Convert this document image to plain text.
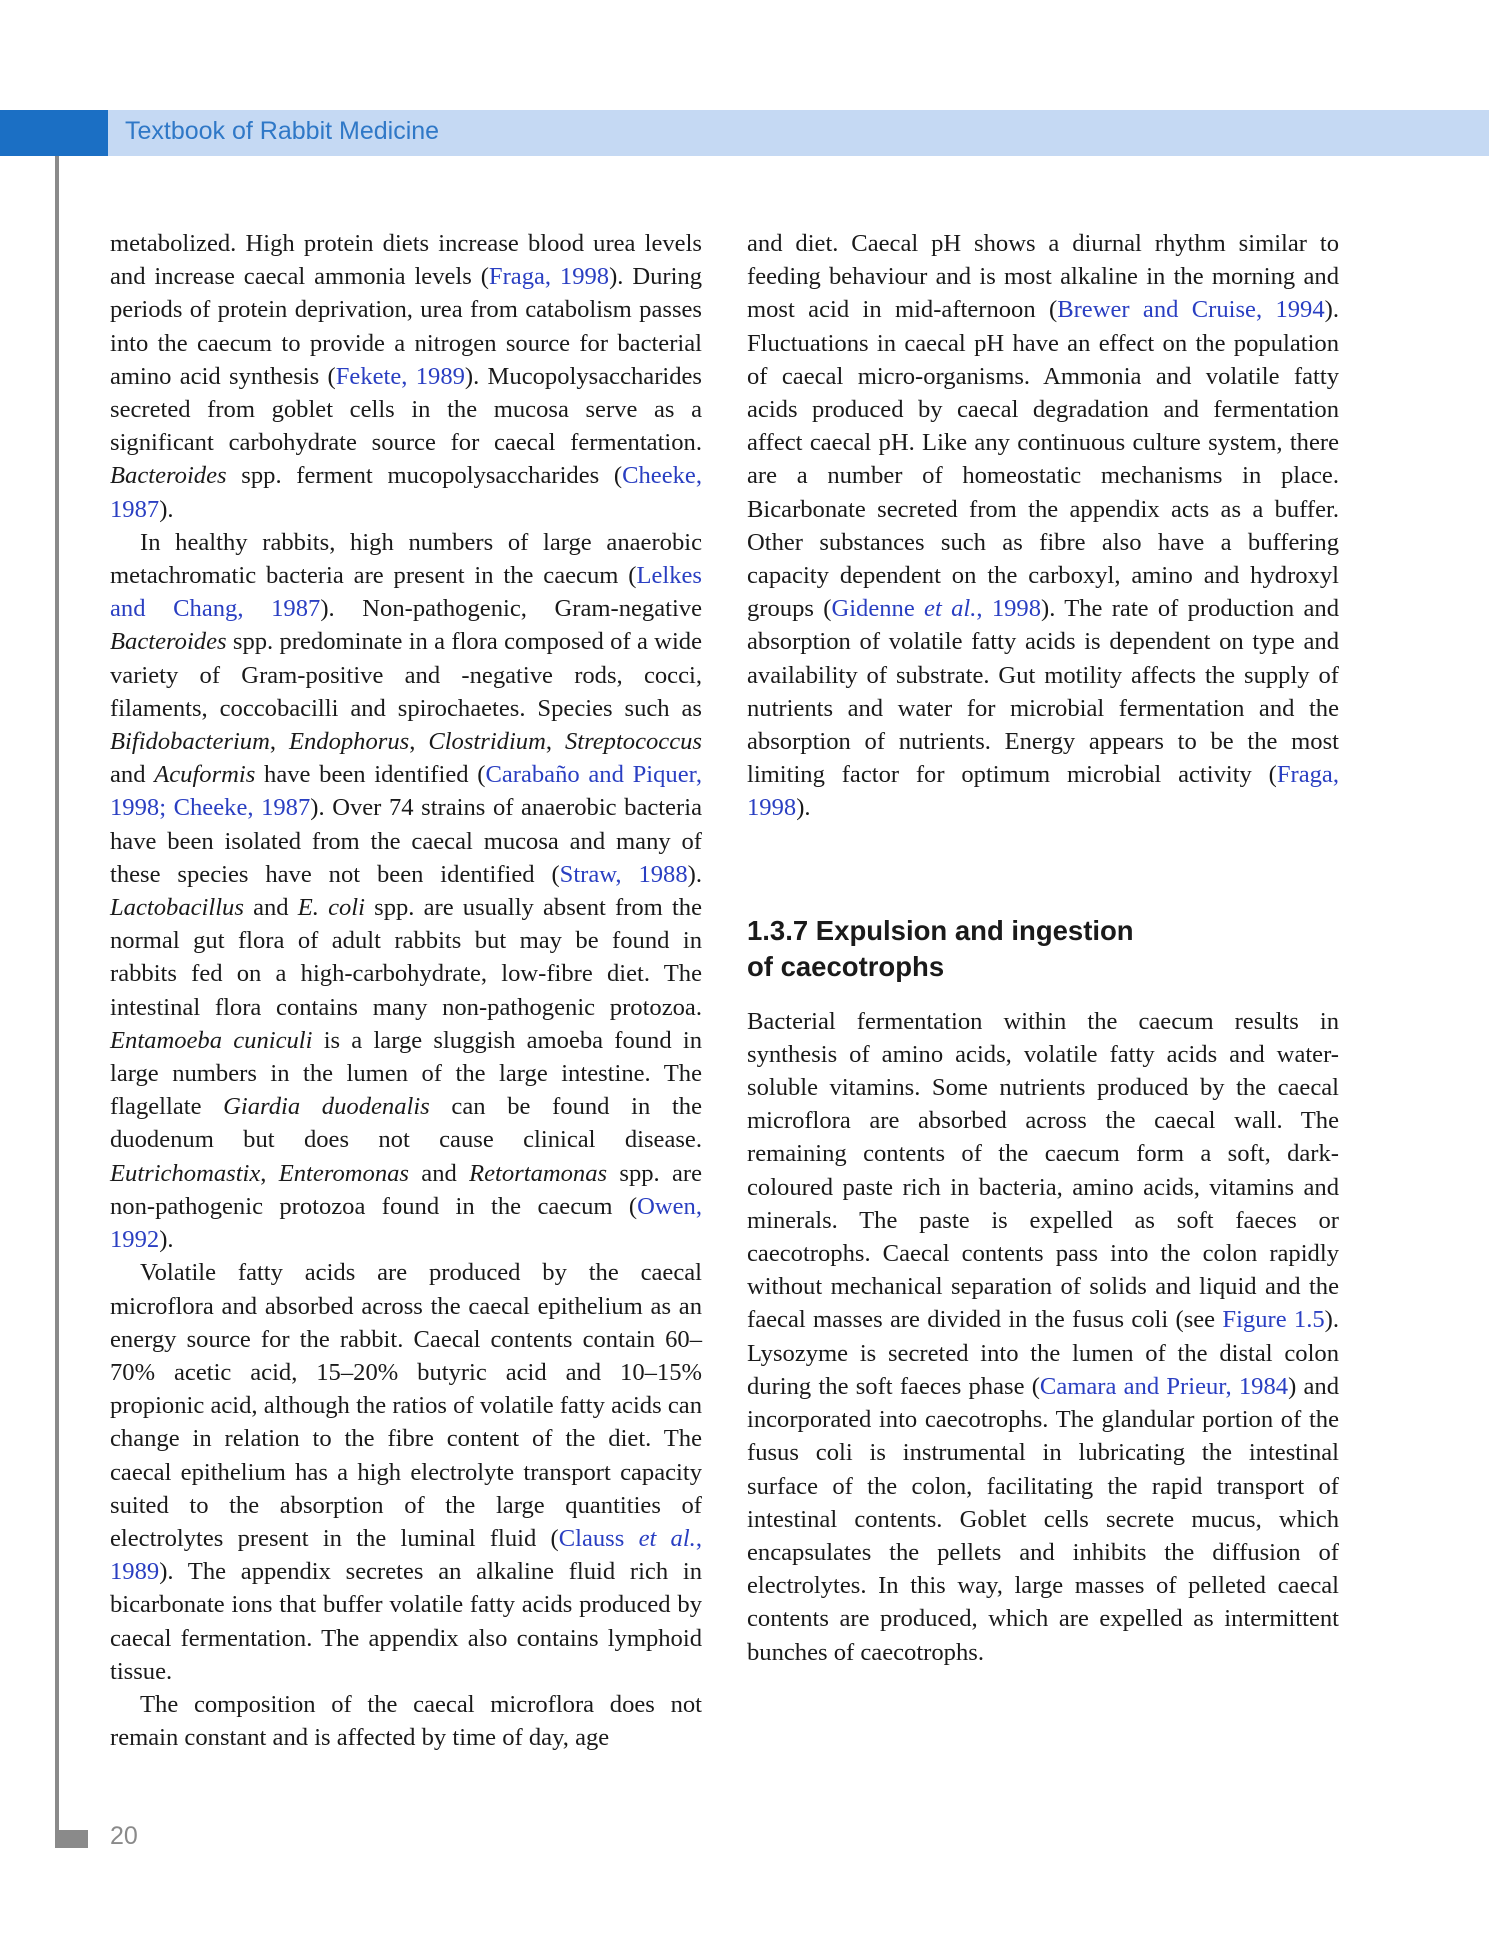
Textbook of Rabbit Medicine

metabolized. High protein diets increase blood urea levels and increase caecal ammonia levels (Fraga, 1998). During periods of protein deprivation, urea from catabolism passes into the caecum to provide a nitrogen source for bacterial amino acid synthesis (Fekete, 1989). Mucopolysaccharides secreted from goblet cells in the mucosa serve as a significant carbohydrate source for caecal fermentation. Bacteroides spp. ferment mucopolysaccharides (Cheeke, 1987).

In healthy rabbits, high numbers of large anaerobic metachromatic bacteria are present in the caecum (Lelkes and Chang, 1987). Non-pathogenic, Gram-negative Bacteroides spp. predominate in a flora composed of a wide variety of Gram-positive and -negative rods, cocci, filaments, coccobacilli and spirochaetes. Species such as Bifidobacterium, Endophorus, Clostridium, Streptococcus and Acuformis have been identified (Carabaño and Piquer, 1998; Cheeke, 1987). Over 74 strains of anaerobic bacteria have been isolated from the caecal mucosa and many of these species have not been identified (Straw, 1988). Lactobacillus and E. coli spp. are usually absent from the normal gut flora of adult rabbits but may be found in rabbits fed on a high-carbohydrate, low-fibre diet. The intestinal flora contains many non-pathogenic protozoa. Entamoeba cuniculi is a large sluggish amoeba found in large numbers in the lumen of the large intestine. The flagellate Giardia duodenalis can be found in the duodenum but does not cause clinical disease. Eutrichomastix, Enteromonas and Retortamonas spp. are non-pathogenic protozoa found in the caecum (Owen, 1992).

Volatile fatty acids are produced by the caecal microflora and absorbed across the caecal epithelium as an energy source for the rabbit. Caecal contents contain 60–70% acetic acid, 15–20% butyric acid and 10–15% propionic acid, although the ratios of volatile fatty acids can change in relation to the fibre content of the diet. The caecal epithelium has a high electrolyte transport capacity suited to the absorption of the large quantities of electrolytes present in the luminal fluid (Clauss et al., 1989). The appendix secretes an alkaline fluid rich in bicarbonate ions that buffer volatile fatty acids produced by caecal fermentation. The appendix also contains lymphoid tissue.

The composition of the caecal microflora does not remain constant and is affected by time of day, age

and diet. Caecal pH shows a diurnal rhythm similar to feeding behaviour and is most alkaline in the morning and most acid in mid-afternoon (Brewer and Cruise, 1994). Fluctuations in caecal pH have an effect on the population of caecal micro-organisms. Ammonia and volatile fatty acids produced by caecal degradation and fermentation affect caecal pH. Like any continuous culture system, there are a number of homeostatic mechanisms in place. Bicarbonate secreted from the appendix acts as a buffer. Other substances such as fibre also have a buffering capacity dependent on the carboxyl, amino and hydroxyl groups (Gidenne et al., 1998). The rate of production and absorption of volatile fatty acids is dependent on type and availability of substrate. Gut motility affects the supply of nutrients and water for microbial fermentation and the absorption of nutrients. Energy appears to be the most limiting factor for optimum microbial activity (Fraga, 1998).

1.3.7 Expulsion and ingestion
of caecotrophs

Bacterial fermentation within the caecum results in synthesis of amino acids, volatile fatty acids and water-soluble vitamins. Some nutrients produced by the caecal microflora are absorbed across the caecal wall. The remaining contents of the caecum form a soft, dark-coloured paste rich in bacteria, amino acids, vitamins and minerals. The paste is expelled as soft faeces or caecotrophs. Caecal contents pass into the colon rapidly without mechanical separation of solids and liquid and the faecal masses are divided in the fusus coli (see Figure 1.5). Lysozyme is secreted into the lumen of the distal colon during the soft faeces phase (Camara and Prieur, 1984) and incorporated into caecotrophs. The glandular portion of the fusus coli is instrumental in lubricating the intestinal surface of the colon, facilitating the rapid transport of intestinal contents. Goblet cells secrete mucus, which encapsulates the pellets and inhibits the diffusion of electrolytes. In this way, large masses of pelleted caecal contents are produced, which are expelled as intermittent bunches of caecotrophs.

20
